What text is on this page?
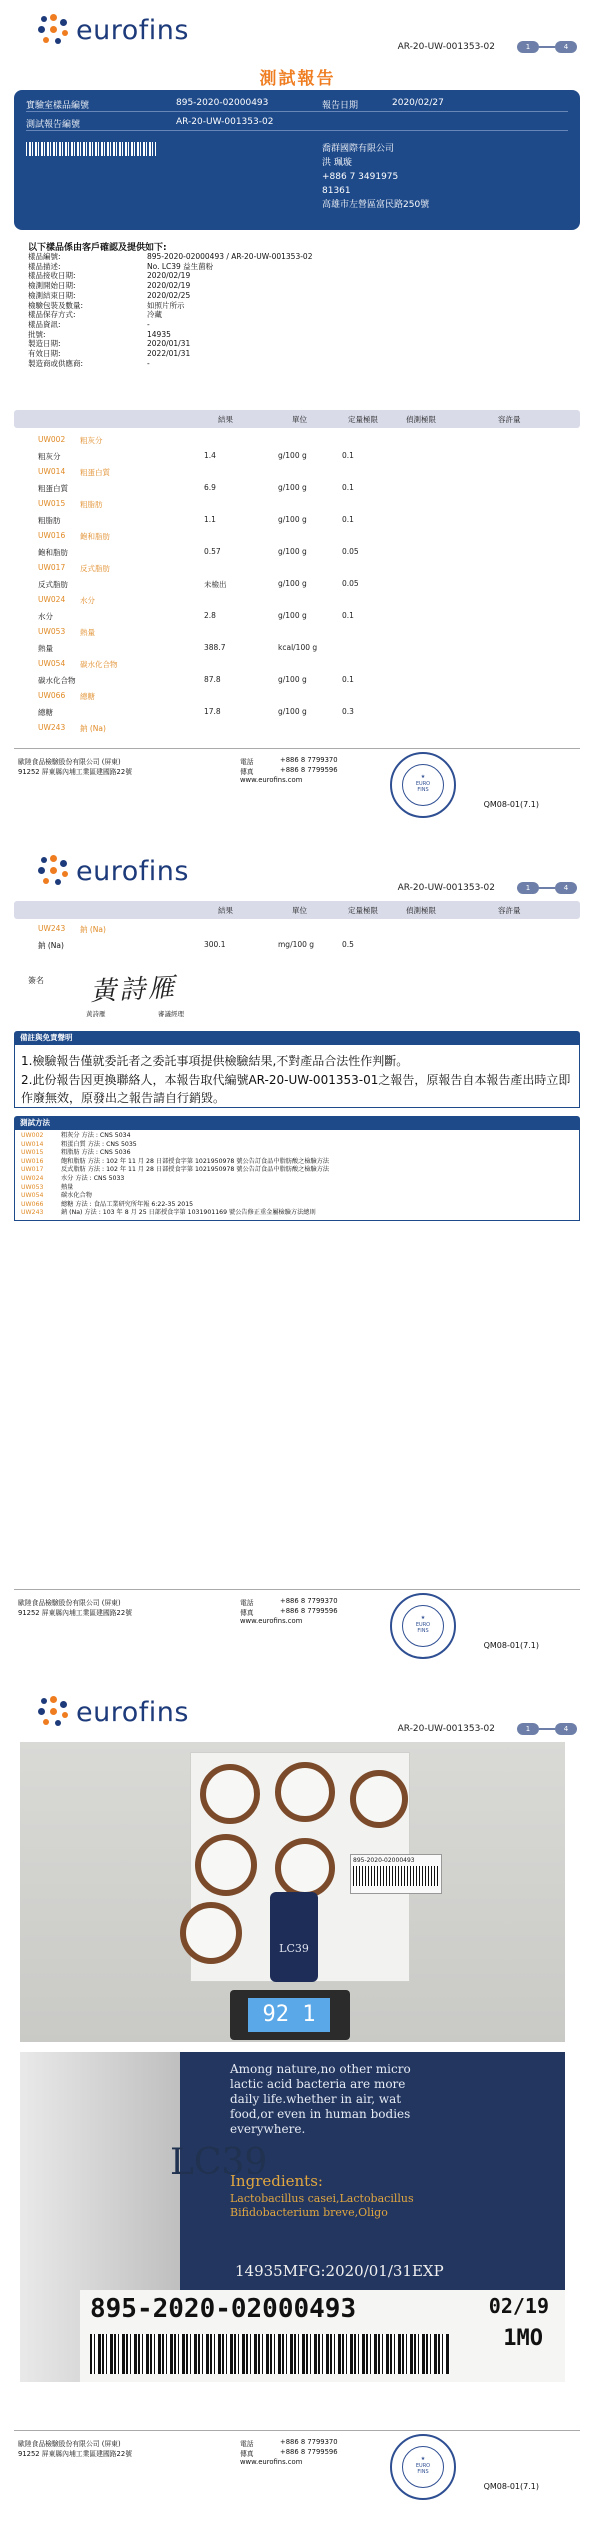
eurofins
AR-20-UW-001353-02	1	4
測試報告
實驗室樣品編號	895-2020-02000493	報告日期	2020/02/27
測試報告編號	AR-20-UW-001353-02
喬群國際有限公司
洪 珮璇
+886 7 3491975
81361
高雄市左營區富民路250號
以下樣品係由客戶確認及提供如下:
樣品編號:	895-2020-02000493 / AR-20-UW-001353-02
樣品描述:	No. LC39 益生菌粉
樣品接收日期:	2020/02/19
檢測開始日期:	2020/02/19
檢測結束日期:	2020/02/25
檢驗包裝及數量:	如照片所示
樣品保存方式:	冷藏
樣品資訊:	-
批號:	14935
製造日期:	2020/01/31
有效日期:	2022/01/31
製造商或供應商:	-
結果	單位	定量極限	偵測極限	容許量
UW002 粗灰分
粗灰分	1.4	g/100 g	0.1
UW014 粗蛋白質
粗蛋白質	6.9	g/100 g	0.1
UW015 粗脂肪
粗脂肪	1.1	g/100 g	0.1
UW016 飽和脂肪
飽和脂肪	0.57	g/100 g	0.05
UW017 反式脂肪
反式脂肪	未檢出	g/100 g	0.05
UW024 水分
水分	2.8	g/100 g	0.1
UW053 熱量
熱量	388.7	kcal/100 g
UW054 碳水化合物
碳水化合物	87.8	g/100 g	0.1
UW066 總糖
總糖	17.8	g/100 g	0.3
UW243 鈉 (Na)
歐陸食品檢驗股份有限公司 (屏東)
91252 屏東縣內埔工業區建國路22號
電話	+886 8 7799370
傳真	+886 8 7799596
www.eurofins.com	★
EURO
FINS
QM08-01(7.1)
eurofins
AR-20-UW-001353-02	1	4
結果	單位	定量極限	偵測極限	容許量
UW243 鈉 (Na)
鈉 (Na)	300.1	mg/100 g	0.5
簽名 黃詩雁
黃詩雁	審議經理
備註與免責聲明
1.檢驗報告僅就委託者之委託事項提供檢驗結果,不對產品合法性作判斷。
2.此份報告因更換聯絡人，本報告取代編號AR-20-UW-001353-01之報告，原報告自本報告產出時立即作廢無效，原發出之報告請自行銷毀。
測試方法
UW002	粗灰分 方法 : CNS 5034
UW014	粗蛋白質 方法 : CNS 5035
UW015	粗脂肪 方法 : CNS 5036
UW016	飽和脂肪 方法 : 102 年 11 月 28 日部授食字第 1021950978 號公告訂食品中脂肪酸之檢驗方法
UW017	反式脂肪 方法 : 102 年 11 月 28 日部授食字第 1021950978 號公告訂食品中脂肪酸之檢驗方法
UW024	水分 方法 : CNS 5033
UW053	熱量
UW054	碳水化合物
UW066	總糖 方法 : 食品工業研究所年報 6:22-35 2015
UW243	鈉 (Na) 方法 : 103 年 8 月 25 日部授食字第 1031901169 號公告修正重金屬檢驗方法總則
歐陸食品檢驗股份有限公司 (屏東)
91252 屏東縣內埔工業區建國路22號
電話	+886 8 7799370
傳真	+886 8 7799596
www.eurofins.com	★
EURO
FINS
QM08-01(7.1)
eurofins
AR-20-UW-001353-02	1	4
LC39
895-2020-02000493
92 1
LC39
Among nature,no other micro
lactic acid bacteria are more
daily life.whether in air, wat
food,or even in human bodies
everywhere.
Ingredients:
Lactobacillus casei,Lactobacillus
Bifidobacterium breve,Oligo
14935MFG:2020/01/31EXP
895-2020-02000493	02/19
1MO
歐陸食品檢驗股份有限公司 (屏東)
91252 屏東縣內埔工業區建國路22號
電話	+886 8 7799370
傳真	+886 8 7799596
www.eurofins.com	★
EURO
FINS
QM08-01(7.1)
